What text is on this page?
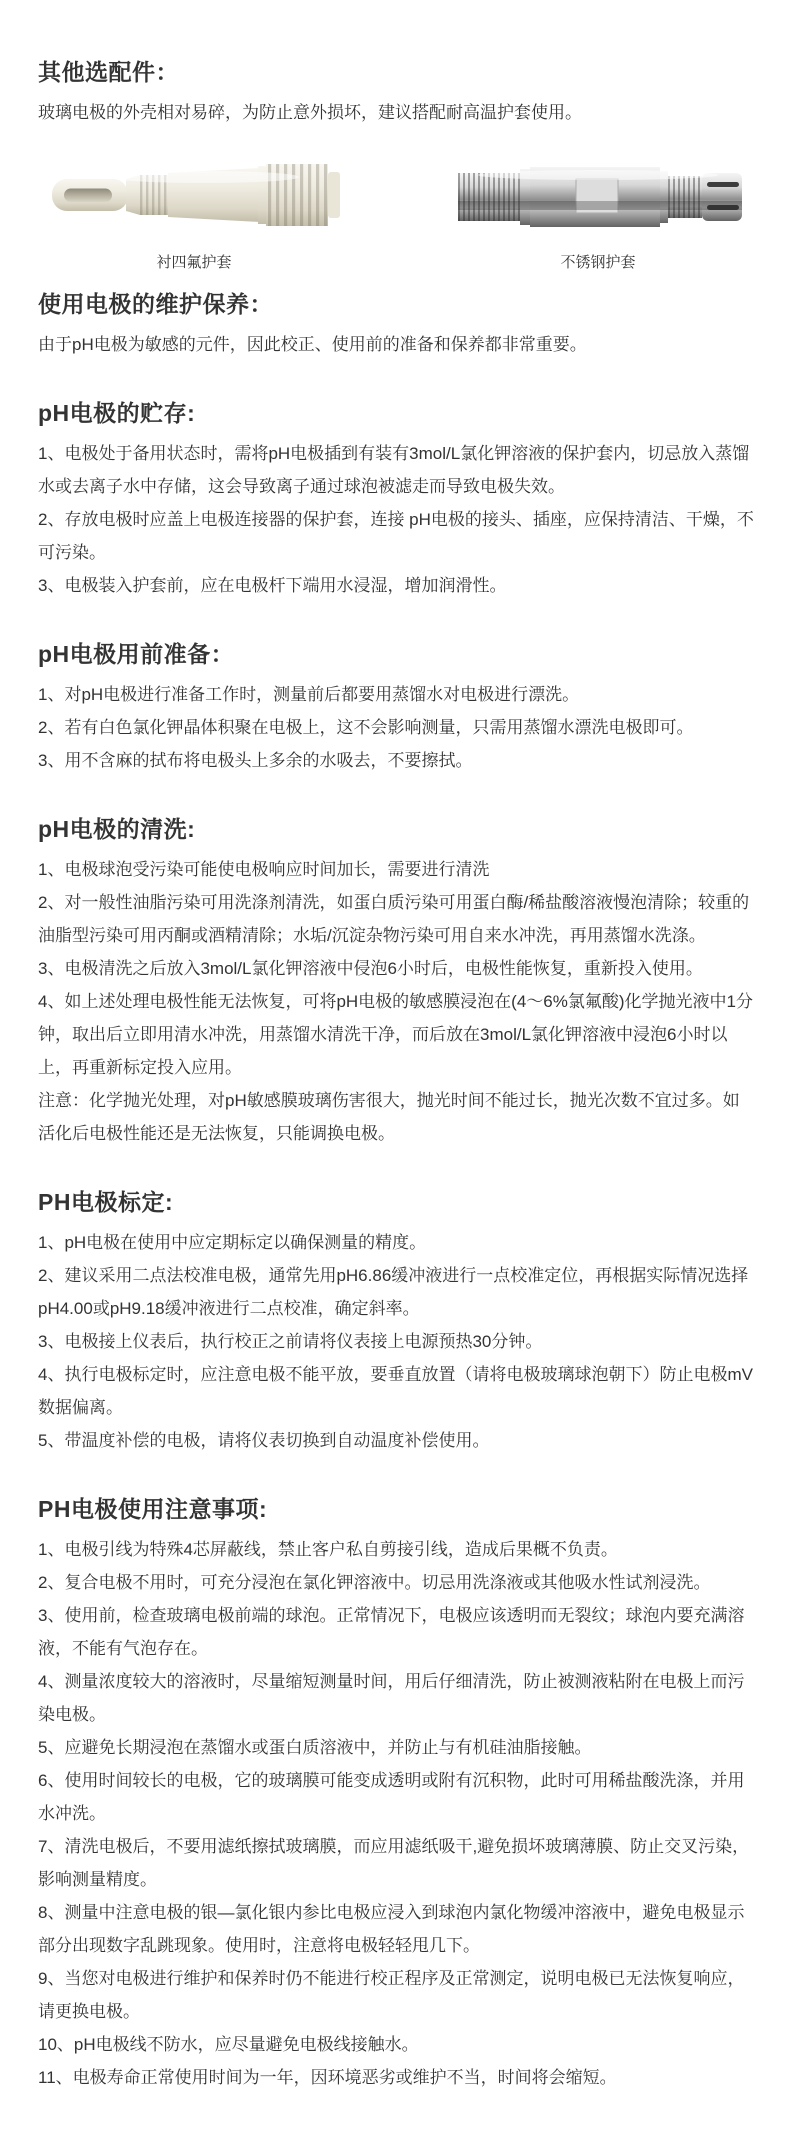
其他选配件：

玻璃电极的外壳相对易碎，为防止意外损坏，建议搭配耐高温护套使用。

衬四氟护套	不锈钢护套
使用电极的维护保养：

由于pH电极为敏感的元件，因此校正、使用前的准备和保养都非常重要。

pH电极的贮存:

1、电极处于备用状态时，需将pH电极插到有装有3mol/L氯化钾溶液的保护套内，切忌放入蒸馏水或去离子水中存储，这会导致离子通过球泡被滤走而导致电极失效。

2、存放电极时应盖上电极连接器的保护套，连接 pH电极的接头、插座，应保持清洁、干燥，不可污染。

3、电极装入护套前，应在电极杆下端用水浸湿，增加润滑性。

pH电极用前准备：

1、对pH电极进行准备工作时，测量前后都要用蒸馏水对电极进行漂洗。

2、若有白色氯化钾晶体积聚在电极上，这不会影响测量，只需用蒸馏水漂洗电极即可。

3、用不含麻的拭布将电极头上多余的水吸去，不要擦拭。

pH电极的清洗:

1、电极球泡受污染可能使电极响应时间加长，需要进行清洗

2、对一般性油脂污染可用洗涤剂清洗，如蛋白质污染可用蛋白酶/稀盐酸溶液慢泡清除；较重的油脂型污染可用丙酮或酒精清除；水垢/沉淀杂物污染可用自来水冲洗，再用蒸馏水洗涤。

3、电极清洗之后放入3mol/L氯化钾溶液中侵泡6小时后，电极性能恢复，重新投入使用。

4、如上述处理电极性能无法恢复，可将pH电极的敏感膜浸泡在(4～6%氯氟酸)化学抛光液中1分钟，取出后立即用清水冲洗，用蒸馏水清洗干净，而后放在3mol/L氯化钾溶液中浸泡6小时以上，再重新标定投入应用。

注意：化学抛光处理，对pH敏感膜玻璃伤害很大，抛光时间不能过长，抛光次数不宜过多。如活化后电极性能还是无法恢复，只能调换电极。

PH电极标定:

1、pH电极在使用中应定期标定以确保测量的精度。

2、建议采用二点法校准电极，通常先用pH6.86缓冲液进行一点校准定位，再根据实际情况选择pH4.00或pH9.18缓冲液进行二点校准，确定斜率。

3、电极接上仪表后，执行校正之前请将仪表接上电源预热30分钟。

4、执行电极标定时，应注意电极不能平放，要垂直放置（请将电极玻璃球泡朝下）防止电极mV数据偏离。

5、带温度补偿的电极，请将仪表切换到自动温度补偿使用。

PH电极使用注意事项:

1、电极引线为特殊4芯屏蔽线，禁止客户私自剪接引线，造成后果概不负责。

2、复合电极不用时，可充分浸泡在氯化钾溶液中。切忌用洗涤液或其他吸水性试剂浸洗。

3、使用前，检查玻璃电极前端的球泡。正常情况下，电极应该透明而无裂纹；球泡内要充满溶液，不能有气泡存在。

4、测量浓度较大的溶液时，尽量缩短测量时间，用后仔细清洗，防止被测液粘附在电极上而污染电极。

5、应避免长期浸泡在蒸馏水或蛋白质溶液中，并防止与有机硅油脂接触。

6、使用时间较长的电极，它的玻璃膜可能变成透明或附有沉积物，此时可用稀盐酸洗涤，并用水冲洗。

7、清洗电极后，不要用滤纸擦拭玻璃膜，而应用滤纸吸干,避免损坏玻璃薄膜、防止交叉污染，影响测量精度。

8、测量中注意电极的银—氯化银内参比电极应浸入到球泡内氯化物缓冲溶液中，避免电极显示部分出现数字乱跳现象。使用时，注意将电极轻轻甩几下。

9、当您对电极进行维护和保养时仍不能进行校正程序及正常测定，说明电极已无法恢复响应，请更换电极。

10、pH电极线不防水，应尽量避免电极线接触水。

11、电极寿命正常使用时间为一年，因环境恶劣或维护不当，时间将会缩短。
